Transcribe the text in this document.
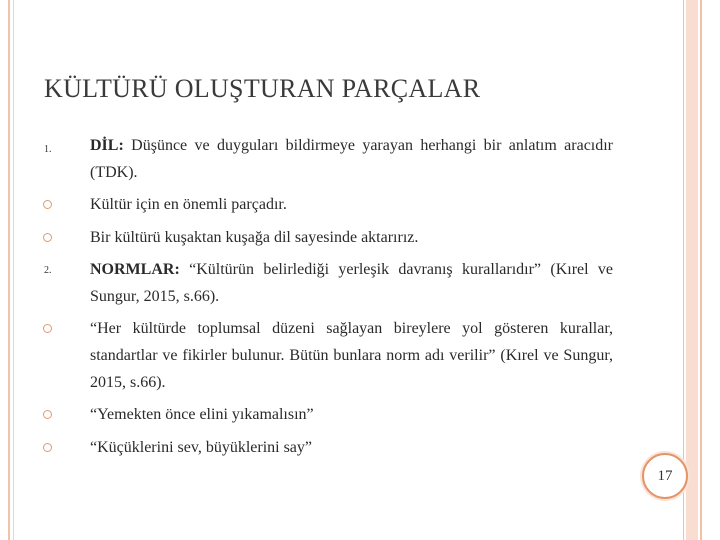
KÜLTÜRÜ OLUŞTURAN PARÇALAR
1. DİL: Düşünce ve duyguları bildirmeye yarayan herhangi bir anlatım aracıdır (TDK).
Kültür için en önemli parçadır.
Bir kültürü kuşaktan kuşağa dil sayesinde aktarırız.
2. NORMLAR: “Kültürün belirlediği yerleşik davranış kurallarıdır” (Kırel ve Sungur, 2015, s.66).
“Her kültürde toplumsal düzeni sağlayan bireylere yol gösteren kurallar, standartlar ve fikirler bulunur. Bütün bunlara norm adı verilir” (Kırel ve Sungur, 2015, s.66).
“Yemekten önce elini yıkamalısın”
“Küçüklerini sev, büyüklerini say”
17
